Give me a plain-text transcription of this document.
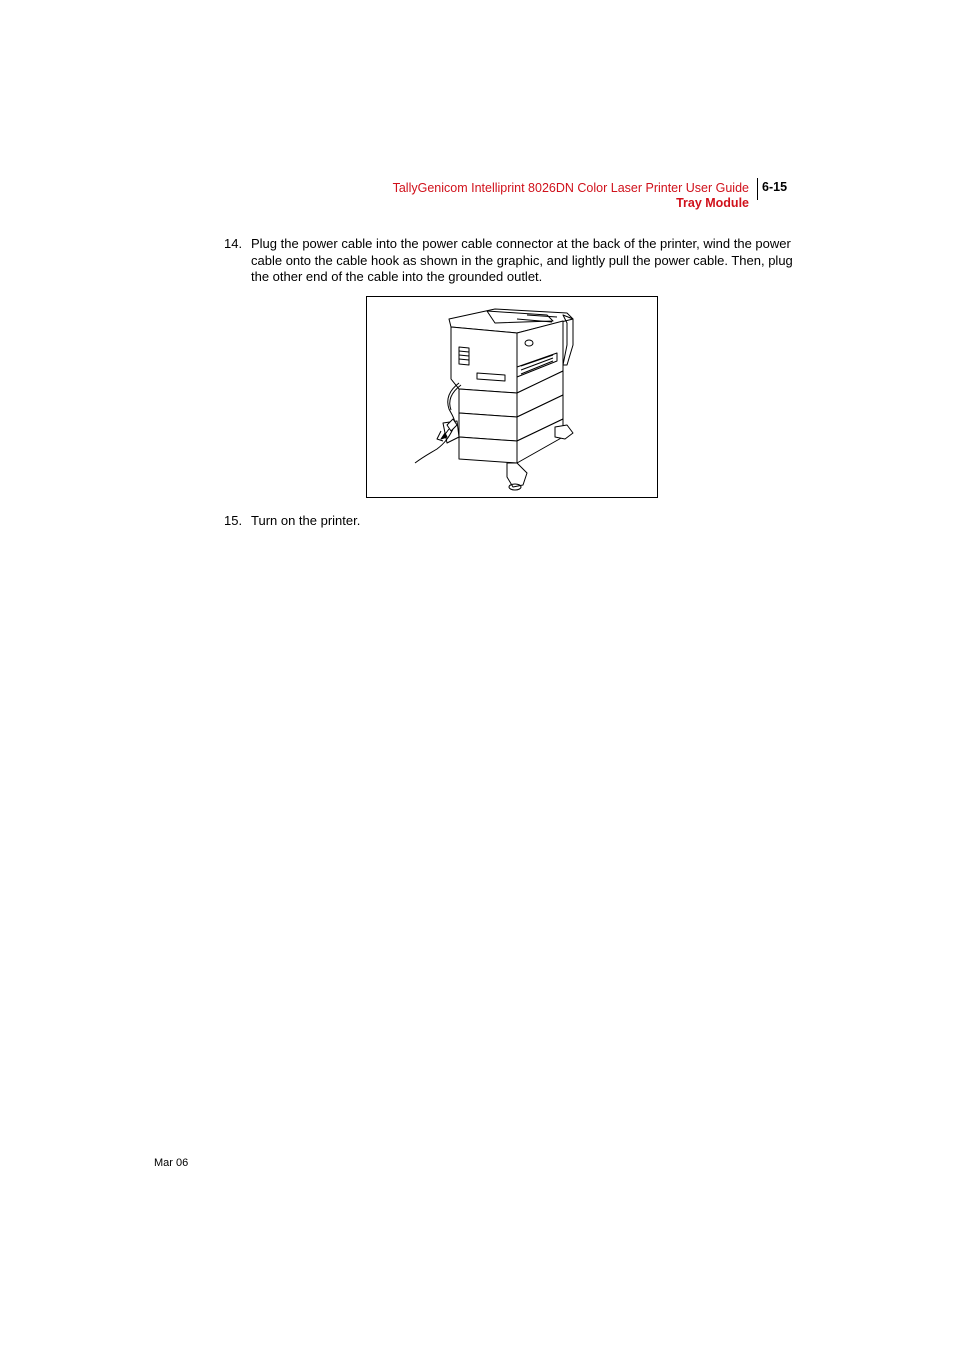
TallyGenicom Intelliprint 8026DN Color Laser Printer User Guide
Tray Module
6-15
14. Plug the power cable into the power cable connector at the back of the printer, wind the power cable onto the cable hook as shown in the graphic, and lightly pull the power cable. Then, plug the other end of the cable into the grounded outlet.
15. Turn on the printer.
Mar 06
